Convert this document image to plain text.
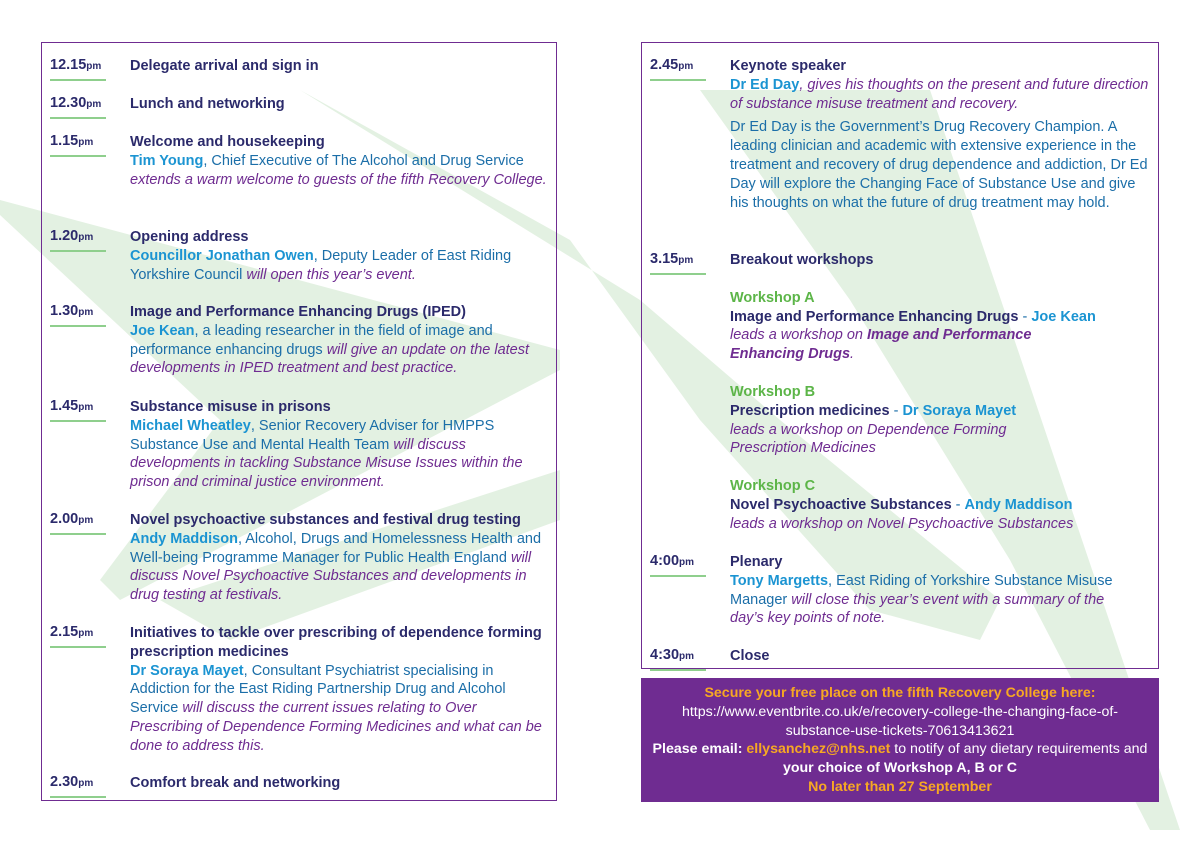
12.15pm	Delegate arrival and sign in
12.30pm	Lunch and networking
1.15pm	Welcome and housekeeping
Tim Young, Chief Executive of The Alcohol and Drug Service extends a warm welcome to guests of the fifth Recovery College.
1.20pm	Opening address
Councillor Jonathan Owen, Deputy Leader of East Riding Yorkshire Council will open this year’s event.
1.30pm	Image and Performance Enhancing Drugs (IPED)
Joe Kean, a leading researcher in the field of image and performance enhancing drugs will give an update on the latest developments in IPED treatment and best practice.
1.45pm	Substance misuse in prisons
Michael Wheatley, Senior Recovery Adviser for HMPPS Substance Use and Mental Health Team will discuss developments in tackling Substance Misuse Issues within the prison and criminal justice environment.
2.00pm	Novel psychoactive substances and festival drug testing
Andy Maddison, Alcohol, Drugs and Homelessness Health and Well-being Programme Manager for Public Health England will discuss Novel Psychoactive Substances and developments in drug testing at festivals.
2.15pm	Initiatives to tackle over prescribing of dependence forming prescription medicines
Dr Soraya Mayet, Consultant Psychiatrist specialising in Addiction for the East Riding Partnership Drug and Alcohol Service will discuss the current issues relating to Over Prescribing of Dependence Forming Medicines and what can be done to address this.
2.30pm	Comfort break and networking
2.45pm	Keynote speaker
Dr Ed Day, gives his thoughts on the present and future direction of substance misuse treatment and recovery.
Dr Ed Day is the Government’s Drug Recovery Champion. A leading clinician and academic with extensive experience in the treatment and recovery of drug dependence and addiction, Dr Ed Day will explore the Changing Face of Substance Use and give his thoughts on what the future of drug treatment may hold.
3.15pm	Breakout workshops
Workshop A
Image and Performance Enhancing Drugs - Joe Kean
leads a workshop on Image and Performance Enhancing Drugs.
Workshop B
Prescription medicines - Dr Soraya Mayet
leads a workshop on Dependence Forming Prescription Medicines
Workshop C
Novel Psychoactive Substances - Andy Maddison
leads a workshop on Novel Psychoactive Substances
4:00pm	Plenary
Tony Margetts, East Riding of Yorkshire Substance Misuse Manager will close this year’s event with a summary of the day’s key points of note.
4:30pm	Close
Secure your free place on the fifth Recovery College here:
https://www.eventbrite.co.uk/e/recovery-college-the-changing-face-of-substance-use-tickets-70613413621
Please email: ellysanchez@nhs.net to notify of any dietary requirements and your choice of Workshop A, B or C
No later than 27 September
